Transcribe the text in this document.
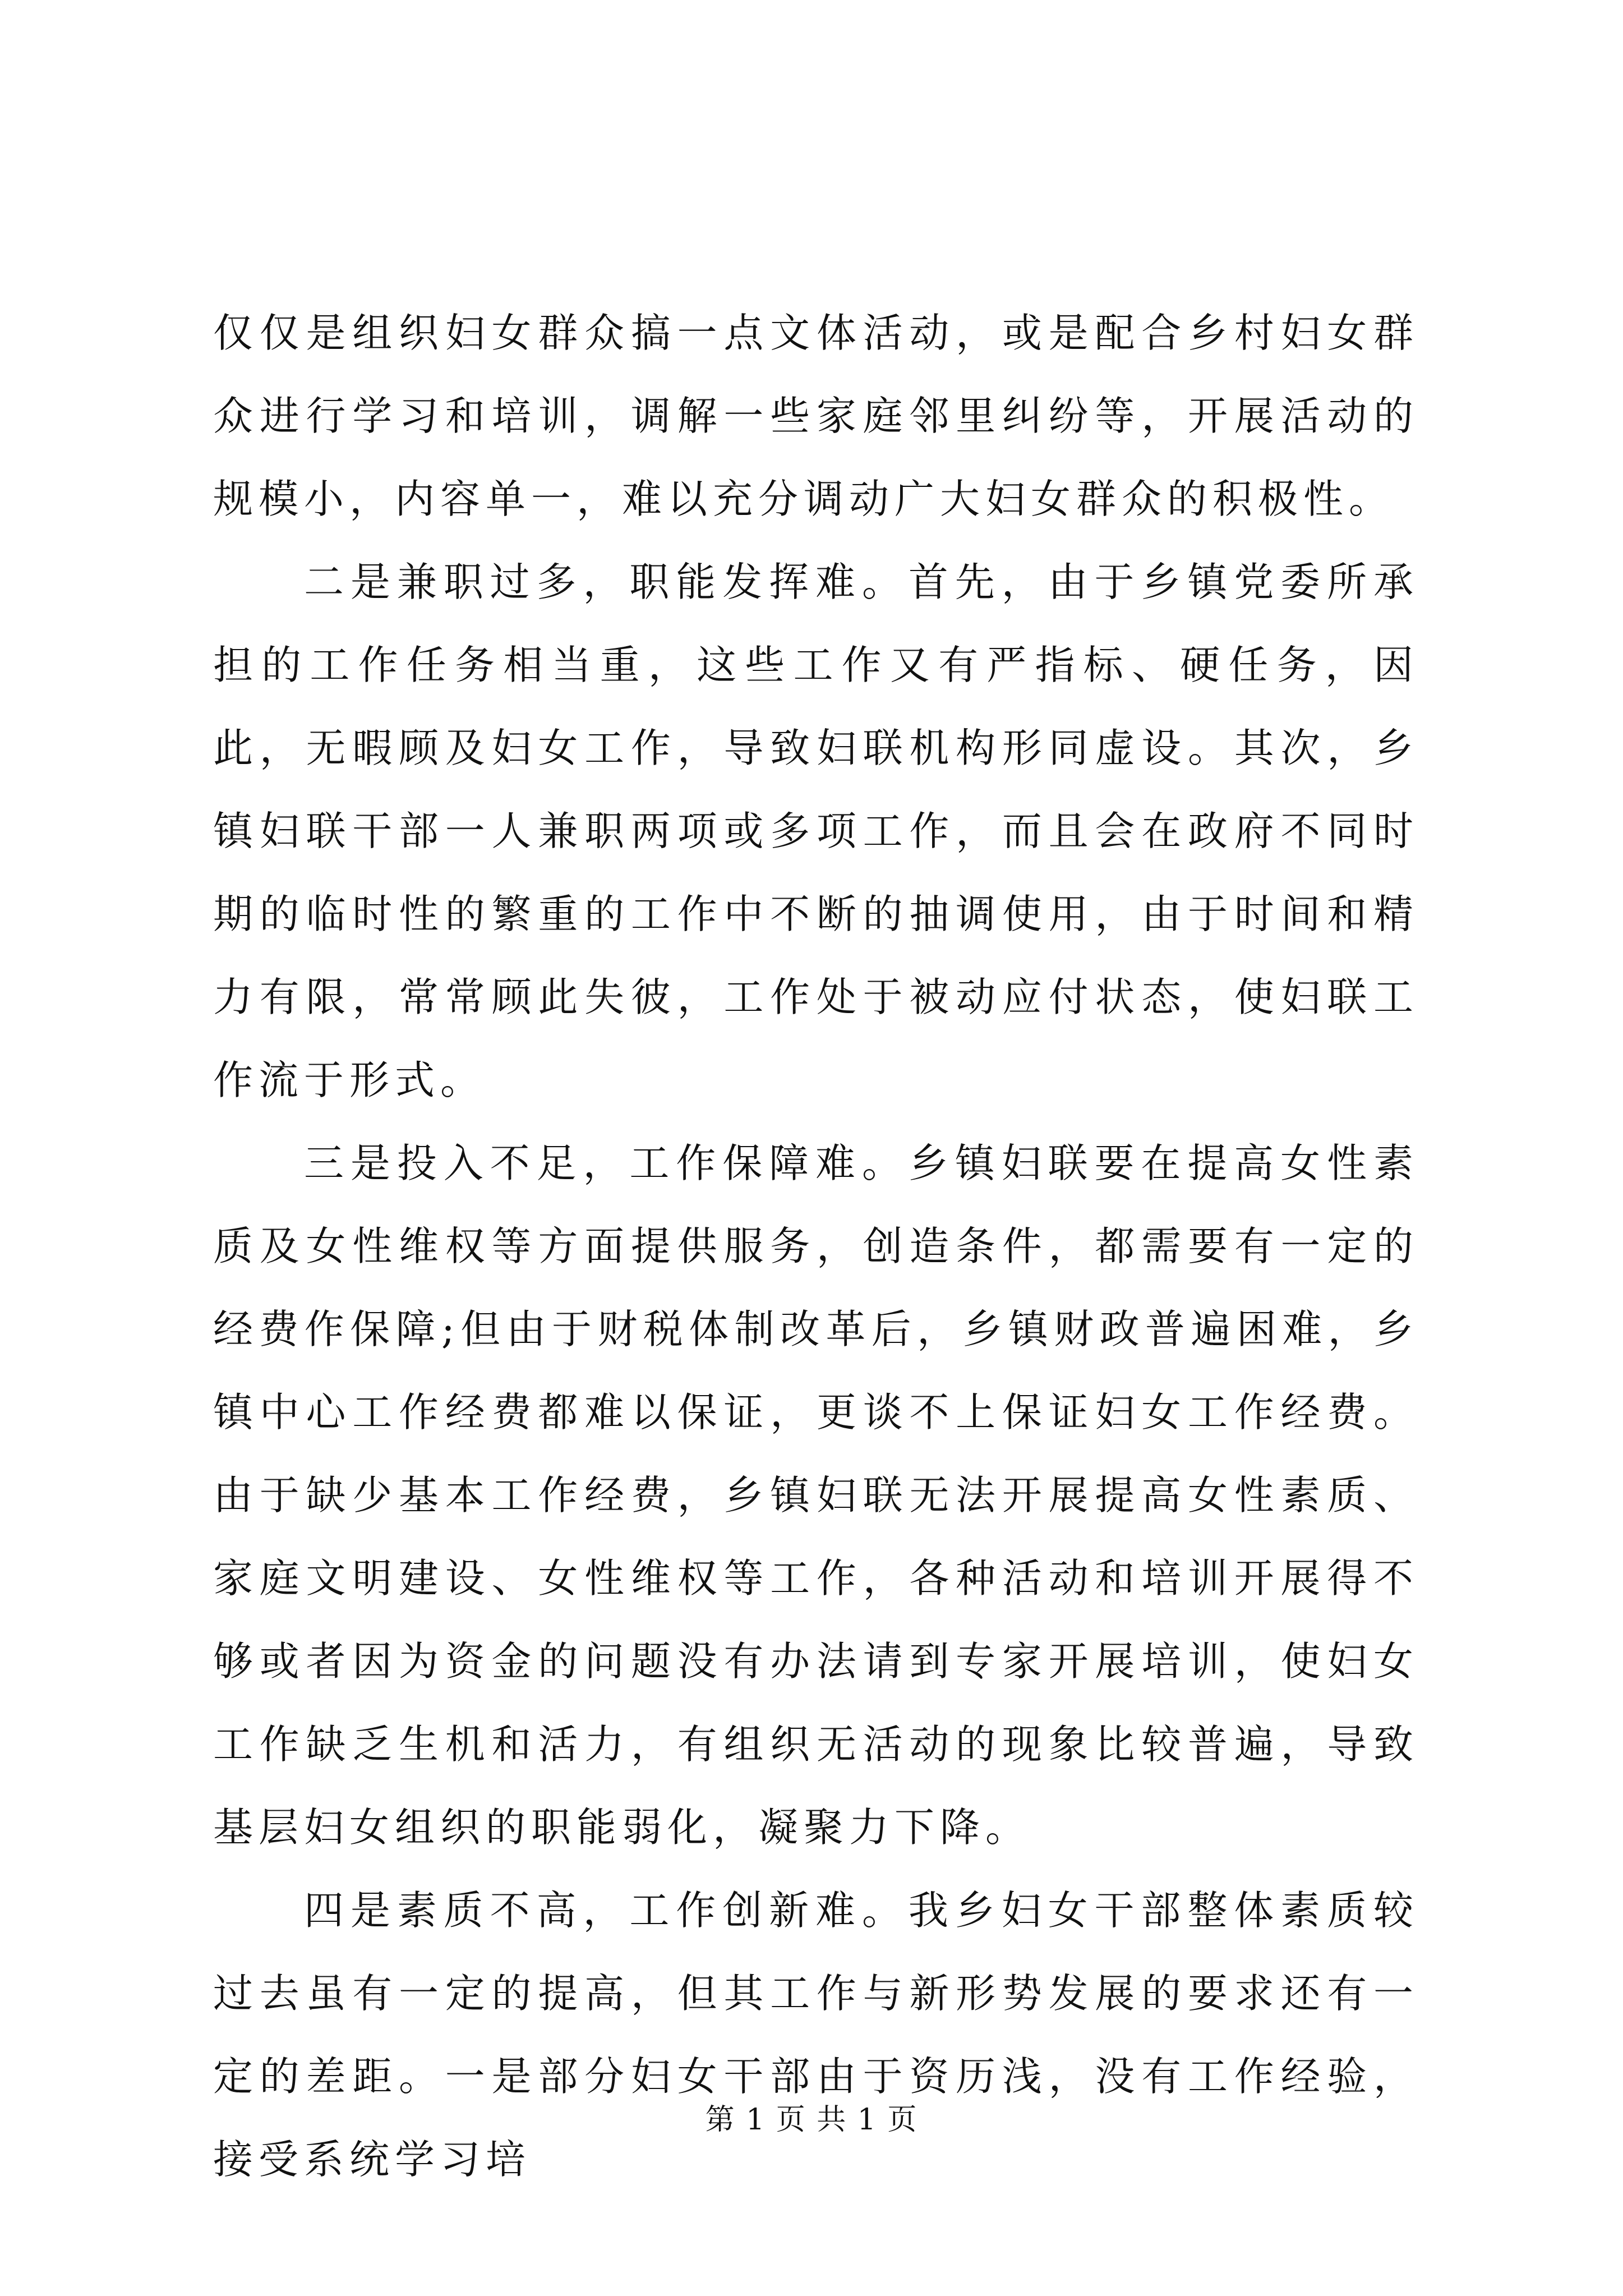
仅仅是组织妇女群众搞一点文体活动，或是配合乡村妇女群众进行学习和培训，调解一些家庭邻里纠纷等，开展活动的规模小，内容单一，难以充分调动广大妇女群众的积极性。

二是兼职过多，职能发挥难。首先，由于乡镇党委所承担的工作任务相当重，这些工作又有严指标、硬任务，因此，无暇顾及妇女工作，导致妇联机构形同虚设。其次，乡镇妇联干部一人兼职两项或多项工作，而且会在政府不同时期的临时性的繁重的工作中不断的抽调使用，由于时间和精力有限，常常顾此失彼，工作处于被动应付状态，使妇联工作流于形式。

三是投入不足，工作保障难。乡镇妇联要在提高女性素质及女性维权等方面提供服务，创造条件，都需要有一定的经费作保障;但由于财税体制改革后，乡镇财政普遍困难，乡镇中心工作经费都难以保证，更谈不上保证妇女工作经费。由于缺少基本工作经费，乡镇妇联无法开展提高女性素质、家庭文明建设、女性维权等工作，各种活动和培训开展得不够或者因为资金的问题没有办法请到专家开展培训，使妇女工作缺乏生机和活力，有组织无活动的现象比较普遍，导致基层妇女组织的职能弱化，凝聚力下降。

四是素质不高，工作创新难。我乡妇女干部整体素质较过去虽有一定的提高，但其工作与新形势发展的要求还有一定的差距。一是部分妇女干部由于资历浅，没有工作经验，接受系统学习培

第 1 页 共 1 页
